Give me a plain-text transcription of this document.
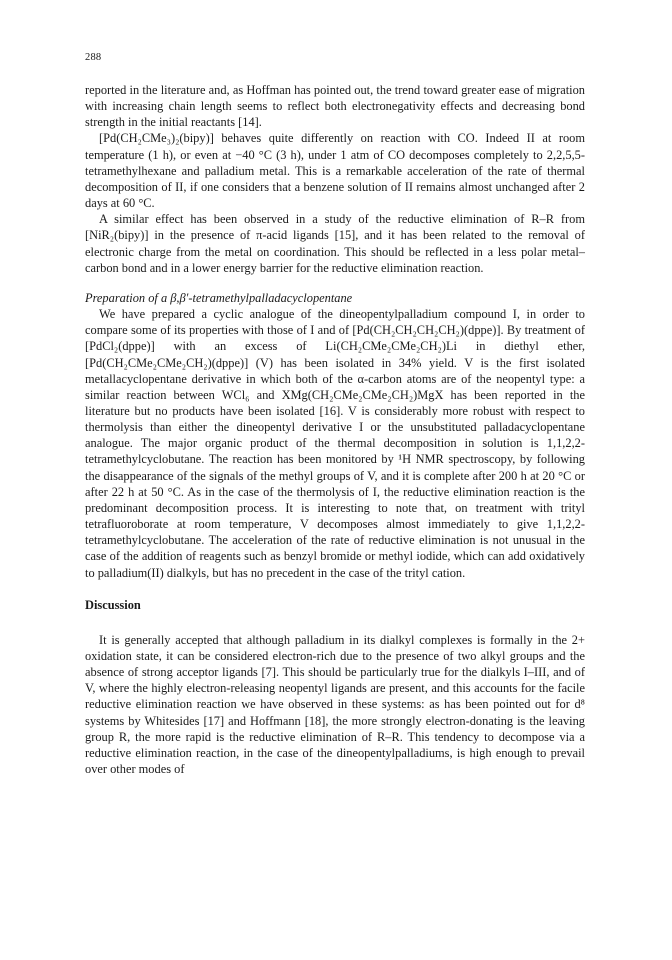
288

reported in the literature and, as Hoffman has pointed out, the trend toward greater ease of migration with increasing chain length seems to reflect both electronegativity effects and decreasing bond strength in the initial reactants [14].

[Pd(CH₂CMe₃)₂(bipy)] behaves quite differently on reaction with CO. Indeed II at room temperature (1 h), or even at −40 °C (3 h), under 1 atm of CO decomposes completely to 2,2,5,5-tetramethylhexane and palladium metal. This is a remarkable acceleration of the rate of thermal decomposition of II, if one considers that a benzene solution of II remains almost unchanged after 2 days at 60 °C.

A similar effect has been observed in a study of the reductive elimination of R–R from [NiR₂(bipy)] in the presence of π-acid ligands [15], and it has been related to the removal of electronic charge from the metal on coordination. This should be reflected in a less polar metal–carbon bond and in a lower energy barrier for the reductive elimination reaction.

Preparation of a β,β′-tetramethylpalladacyclopentane

We have prepared a cyclic analogue of the dineopentylpalladium compound I, in order to compare some of its properties with those of I and of [Pd(CH₂CH₂CH₂CH₂)(dppe)]. By treatment of [PdCl₂(dppe)] with an excess of Li(CH₂CMe₂CMe₂CH₂)Li in diethyl ether, [Pd(CH₂CMe₂CMe₂CH₂)(dppe)] (V) has been isolated in 34% yield. V is the first isolated metallacyclopentane derivative in which both of the α-carbon atoms are of the neopentyl type: a similar reaction between WCl₆ and XMg(CH₂CMe₂CMe₂CH₂)MgX has been reported in the literature but no products have been isolated [16]. V is considerably more robust with respect to thermolysis than either the dineopentyl derivative I or the unsubstituted palladacyclopentane analogue. The major organic product of the thermal decomposition in solution is 1,1,2,2-tetramethylcyclobutane. The reaction has been monitored by ¹H NMR spectroscopy, by following the disappearance of the signals of the methyl groups of V, and it is complete after 200 h at 20 °C or after 22 h at 50 °C. As in the case of the thermolysis of I, the reductive elimination reaction is the predominant decomposition process. It is interesting to note that, on treatment with trityl tetrafluoroborate at room temperature, V decomposes almost immediately to give 1,1,2,2-tetramethylcyclobutane. The acceleration of the rate of reductive elimination is not unusual in the case of the addition of reagents such as benzyl bromide or methyl iodide, which can add oxidatively to palladium(II) dialkyls, but has no precedent in the case of the trityl cation.

Discussion

It is generally accepted that although palladium in its dialkyl complexes is formally in the 2+ oxidation state, it can be considered electron-rich due to the presence of two alkyl groups and the absence of strong acceptor ligands [7]. This should be particularly true for the dialkyls I–III, and of V, where the highly electron-releasing neopentyl ligands are present, and this accounts for the facile reductive elimination reaction we have observed in these systems: as has been pointed out for d⁸ systems by Whitesides [17] and Hoffmann [18], the more strongly electron-donating is the leaving group R, the more rapid is the reductive elimination of R–R. This tendency to decompose via a reductive elimination reaction, in the case of the dineopentylpalladiums, is high enough to prevail over other modes of
